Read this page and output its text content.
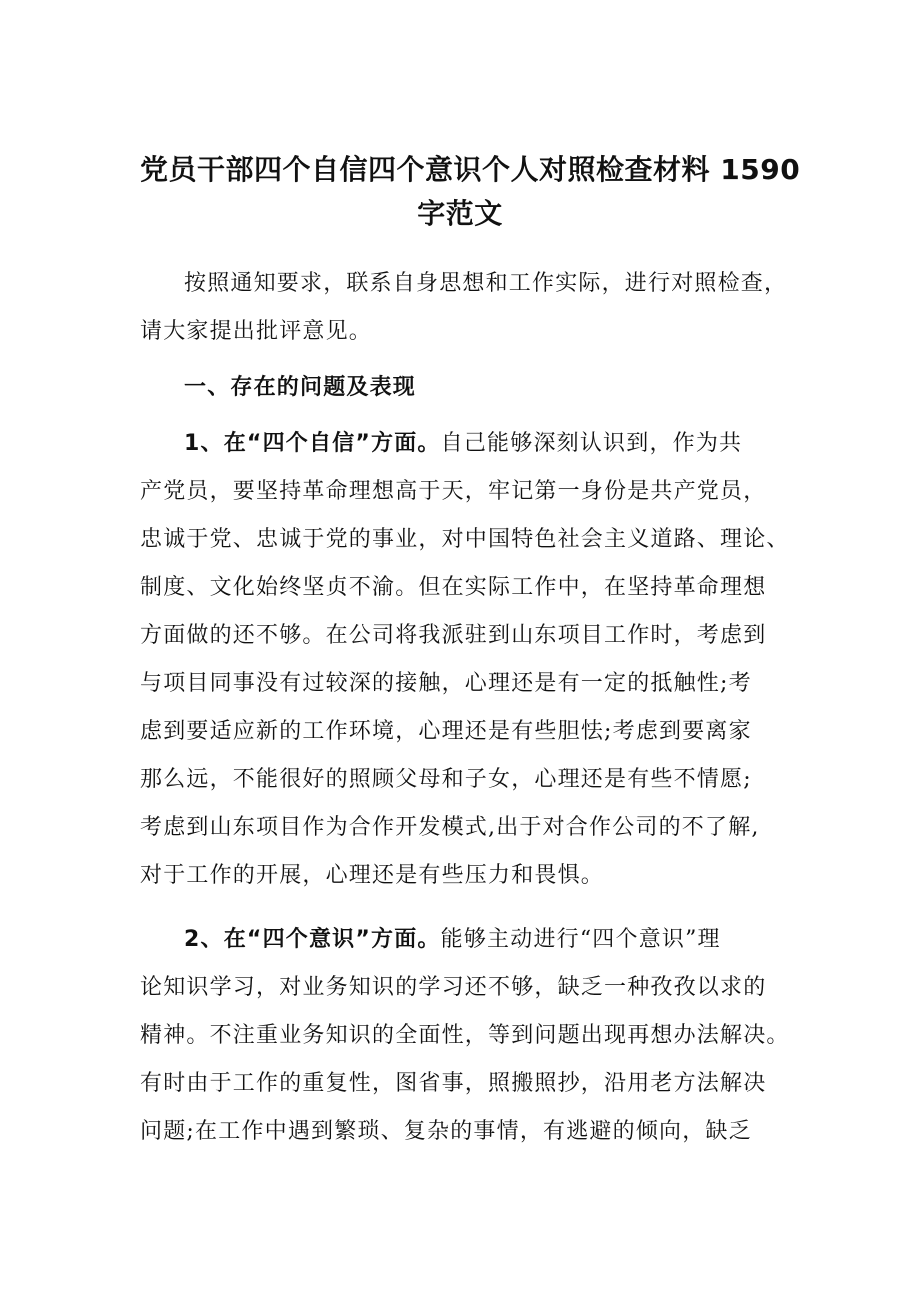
党员干部四个自信四个意识个人对照检查材料 1590
字范文

按照通知要求，联系自身思想和工作实际，进行对照检查，
请大家提出批评意见。

一、存在的问题及表现

1、在“四个自信”方面。自己能够深刻认识到，作为共
产党员，要坚持革命理想高于天，牢记第一身份是共产党员，
忠诚于党、忠诚于党的事业，对中国特色社会主义道路、理论、
制度、文化始终坚贞不渝。但在实际工作中，在坚持革命理想
方面做的还不够。在公司将我派驻到山东项目工作时，考虑到
与项目同事没有过较深的接触，心理还是有一定的抵触性;考
虑到要适应新的工作环境，心理还是有些胆怯;考虑到要离家
那么远，不能很好的照顾父母和子女，心理还是有些不情愿;
考虑到山东项目作为合作开发模式,出于对合作公司的不了解,
对于工作的开展，心理还是有些压力和畏惧。

2、在“四个意识”方面。能够主动进行“四个意识”理
论知识学习，对业务知识的学习还不够，缺乏一种孜孜以求的
精神。不注重业务知识的全面性，等到问题出现再想办法解决。
有时由于工作的重复性，图省事，照搬照抄，沿用老方法解决
问题;在工作中遇到繁琐、复杂的事情，有逃避的倾向，缺乏
